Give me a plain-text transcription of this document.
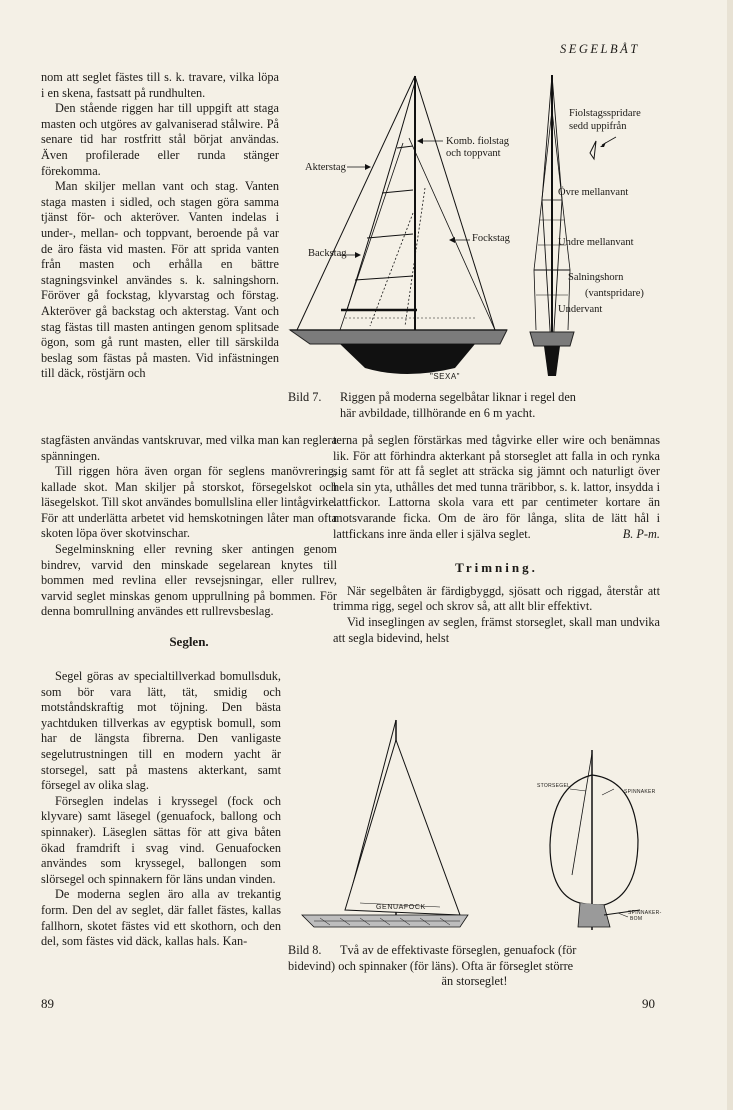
SEGELBÅT

nom att seglet fästes till s. k. travare, vilka löpa i en skena, fastsatt på rundhulten.

Den stående riggen har till uppgift att staga masten och utgöres av galvaniserad stålwire. På senare tid har rostfritt stål börjat användas. Även profilerade eller runda stänger förekomma.

Man skiljer mellan vant och stag. Vanten staga masten i sidled, och stagen göra samma tjänst för- och akteröver. Vanten indelas i under-, mellan- och toppvant, beroende på var de äro fästa vid masten. För att sprida vanten från masten och erhålla en bättre stagningsvinkel användes s. k. salningshorn. Föröver gå fockstag, klyvarstag och förstag. Akteröver gå backstag och akterstag. Vant och stag fästas till masten antingen genom splitsade ögon, som gå runt masten, eller till särskilda beslag som fästas på masten. Vid infästningen till däck, röstjärn och

stagfästen användas vantskruvar, med vilka man kan reglera spänningen.

Till riggen höra även organ för seglens manövrering, kallade skot. Man skiljer på storskot, försegelskot och läsegelskot. Till skot användes bomullslina eller lintågvirke. För att underlätta arbetet vid hemskotningen låter man ofta skoten löpa över skotvinschar.

Segelminskning eller revning sker antingen genom bindrev, varvid den minskade segelarean knytes till bommen med revlina eller revsejsningar, eller rullrev, varvid seglet minskas genom upprullning på bommen. För denna bomrullning användes ett rullrevsbeslag.

Seglen.

Segel göras av specialtillverkad bomullsduk, som bör vara lätt, tät, smidig och motståndskraftig mot töjning. Den bästa yachtduken tillverkas av egyptisk bomull, som har de längsta fibrerna. Den vanligaste segelutrustningen till en modern yacht är storsegel, satt på mastens akterkant, samt försegel av olika slag.

Förseglen indelas i kryssegel (fock och klyvare) samt läsegel (genuafock, ballong och spinnaker). Läseglen sättas för att giva båten ökad framdrift i svag vind. Genuafocken användes som kryssegel, ballongen som slörsegel och spinnakern för läns undan vinden.

De moderna seglen äro alla av trekantig form. Den del av seglet, där fallet fästes, kallas fallhorn, skotet fästes vid ett skothorn, och den del, som fästes vid däck, kallas hals. Kan-

terna på seglen förstärkas med tågvirke eller wire och benämnas lik. För att förhindra akterkant på storseglet att falla in och rynka sig samt för att få seglet att sträcka sig jämnt och naturligt över hela sin yta, uthålles det med tunna träribbor, s. k. lattor, insydda i lattfickor. Lattorna skola vara ett par centimeter kortare än motsvarande ficka. Om de äro för långa, slita de lätt hål i lattfickans inre ända eller i själva seglet.	B. P-m.

Trimning.

När segelbåten är färdigbyggd, sjösatt och riggad, återstår att trimma rigg, segel och skrov så, att allt blir effektivt.

Vid inseglingen av seglen, främst storseglet, skall man undvika att segla bidevind, helst

Akterstag
Backstag
Komb. fiolstag
och toppvant
Fockstag
"SEXA"
Fiolstagsspridare
sedd uppifrån
Övre mellanvant
Undre mellanvant
Salningshorn
(vantspridare)
Undervant
Bild 7. Riggen på moderna segelbåtar liknar i regel den
här avbildade, tillhörande en 6 m yacht.
GENUAFOCK
STORSEGEL
SPINNAKER
SPINNAKER-
BOM
Bild 8. Två av de effektivaste förseglen, genuafock (för
bidevind) och spinnaker (för läns). Ofta är förseglet större
än storseglet!
89	90
